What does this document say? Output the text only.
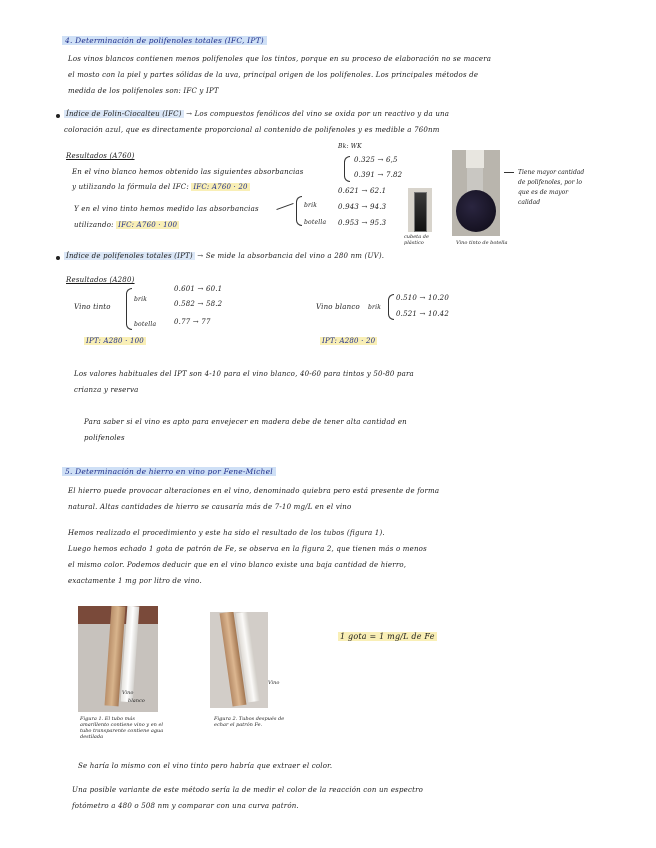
4. Determinación de polifenoles totales (IFC, IPT)
Los vinos blancos contienen menos polifenoles que los tintos, porque en su proceso de elaboración no se macera
el mosto con la piel y partes sólidas de la uva, principal origen de los polifenoles. Los principales métodos de
medida de los polifenoles son: IFC y IPT
Índice de Folin-Ciocalteu (IFC) → Los compuestos fenólicos del vino se oxida por un reactivo y da una
coloración azul, que es directamente proporcional al contenido de polifenoles y es medible a 760nm
Resultados (A760)
Bk: WK
En el vino blanco hemos obtenido las siguientes absorbancias
y utilizando la fórmula del IFC: IFC: A760 · 20
0.325 → 6,5
0.391 → 7.82
Y en el vino tinto hemos medido las absorbancias
utilizando: IFC: A760 · 100
brik
botella
0.621 → 62.1
0.943 → 94.3
0.953 → 95.3
cubeta de plástico	Vino tinto de botella
Tiene mayor cantidad
de polifenoles, por lo
que es de mayor
calidad
Índice de polifenoles totales (IPT) → Se mide la absorbancia del vino a 280 nm (UV).
Resultados (A280)
Vino tinto
brik
botella
0.601 → 60.1
0.582 → 58.2
0.77 → 77
Vino blanco brik
0.510 → 10.20
0.521 → 10.42
IPT: A280 · 100	IPT: A280 · 20
Los valores habituales del IPT son 4-10 para el vino blanco, 40-60 para tintos y 50-80 para
crianza y reserva
Para saber si el vino es apto para envejecer en madera debe de tener alta cantidad en
polifenoles
5. Determinación de hierro en vino por Fene-Michel
El hierro puede provocar alteraciones en el vino, denominado quiebra pero está presente de forma
natural. Altas cantidades de hierro se causaría más de 7-10 mg/L en el vino
Hemos realizado el procedimiento y este ha sido el resultado de los tubos (figura 1).
Luego hemos echado 1 gota de patrón de Fe, se observa en la figura 2, que tienen más o menos
el mismo color. Podemos deducir que en el vino blanco existe una baja cantidad de hierro,
exactamente 1 mg por litro de vino.
Vino
blanco
Figura 1. El tubo más amarillento contiene vino y en el tubo transparente contiene agua destilada
Vino
Figura 2. Tubos después de echar el patrón Fe.
1 gota = 1 mg/L de Fe
Se haría lo mismo con el vino tinto pero habría que extraer el color.
Una posible variante de este método sería la de medir el color de la reacción con un espectro
fotómetro a 480 o 508 nm y comparar con una curva patrón.
